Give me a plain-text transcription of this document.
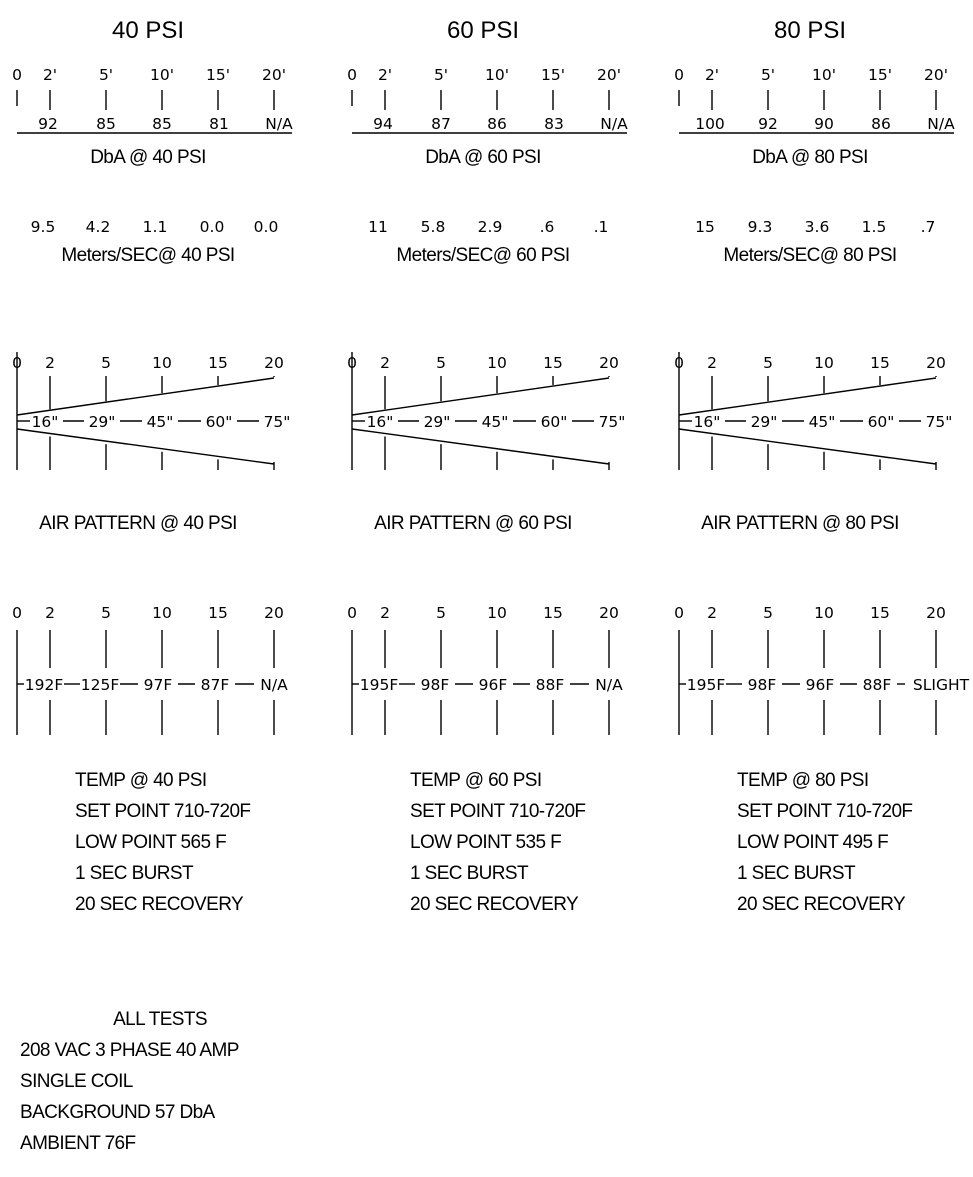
40 PSI
0 2'	5' 10' 15' 20'
92 85 85 81 N/A
DbA @ 40 PSI
9.5 4.2 1.1 0.0 0.0
Meters/SEC@ 40 PSI
0 2	5	10 15 20
16" 29" 45" 60" 75"
AIR PATTERN @ 40 PSI
0 2	5	10 15 20
192F 125F 97F 87F N/A
TEMP @ 40 PSI
SET POINT 710-720F
LOW POINT 565 F
1 SEC BURST
20 SEC RECOVERY
60 PSI
0 2'	5' 10' 15' 20'
94 87 86 83 N/A
DbA @ 60 PSI
11 5.8 2.9 .6	.1
Meters/SEC@ 60 PSI
0 2	5	10 15 20
16" 29" 45" 60" 75"
AIR PATTERN @ 60 PSI
0 2	5	10 15 20
195F 98F 96F 88F N/A
TEMP @ 60 PSI
SET POINT 710-720F
LOW POINT 535 F
1 SEC BURST
20 SEC RECOVERY
80 PSI
0 2'	5' 10' 15' 20'
100 92 90 86 N/A
DbA @ 80 PSI
15 9.3 3.6 1.5 .7
Meters/SEC@ 80 PSI
0 2	5	10 15 20
16" 29" 45" 60" 75"
AIR PATTERN @ 80 PSI
0 2	5	10 15 20
195F 98F 96F 88F SLIGHT
TEMP @ 80 PSI
SET POINT 710-720F
LOW POINT 495 F
1 SEC BURST
20 SEC RECOVERY
ALL TESTS
208 VAC 3 PHASE 40 AMP
SINGLE COIL
BACKGROUND 57 DbA
AMBIENT 76F
